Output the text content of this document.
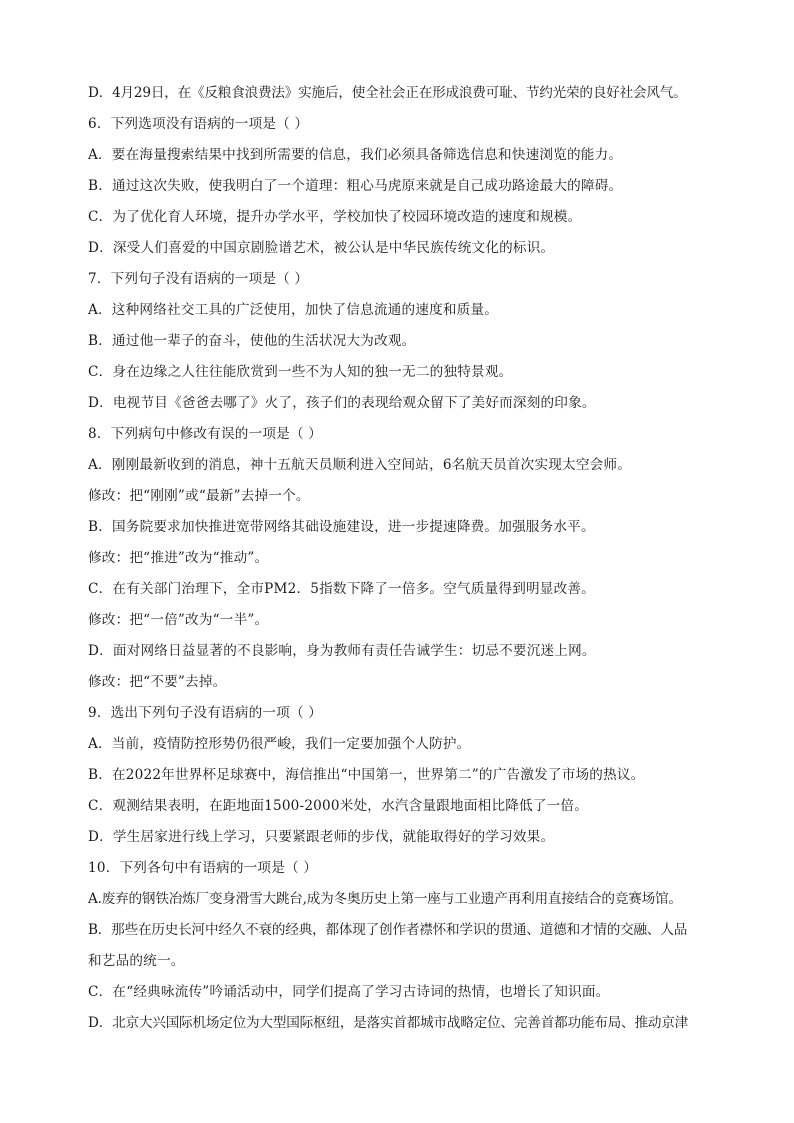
D．4月29日，在《反粮食浪费法》实施后，使全社会正在形成浪费可耻、节约光荣的良好社会风气。
6．下列选项没有语病的一项是（ ）
A．要在海量搜索结果中找到所需要的信息，我们必须具备筛选信息和快速浏览的能力。
B．通过这次失败，使我明白了一个道理：粗心马虎原来就是自己成功路途最大的障碍。
C．为了优化育人环境，提升办学水平，学校加快了校园环境改造的速度和规模。
D．深受人们喜爱的中国京剧脸谱艺术，被公认是中华民族传统文化的标识。
7．下列句子没有语病的一项是（ ）
A．这种网络社交工具的广泛使用，加快了信息流通的速度和质量。
B．通过他一辈子的奋斗，使他的生活状况大为改观。
C．身在边缘之人往往能欣赏到一些不为人知的独一无二的独特景观。
D．电视节目《爸爸去哪了》火了，孩子们的表现给观众留下了美好而深刻的印象。
8．下列病句中修改有误的一项是（ ）
A．刚刚最新收到的消息，神十五航天员顺利进入空间站，6名航天员首次实现太空会师。
修改：把“刚刚”或“最新”去掉一个。
B．国务院要求加快推进宽带网络其础设施建设，进一步提速降费。加强服务水平。
修改：把“推进”改为“推动”。
C．在有关部门治理下，全市PM2．5指数下降了一倍多。空气质量得到明显改善。
修改：把“一倍”改为“一半”。
D．面对网络日益显著的不良影响，身为教师有责任告诫学生：切忌不要沉迷上网。
修改：把“不要”去掉。
9．选出下列句子没有语病的一项（ ）
A．当前，疫情防控形势仍很严峻，我们一定要加强个人防护。
B．在2022年世界杯足球赛中，海信推出“中国第一，世界第二”的广告激发了市场的热议。
C．观测结果表明，在距地面1500-2000米处，水汽含量跟地面相比降低了一倍。
D．学生居家进行线上学习，只要紧跟老师的步伐，就能取得好的学习效果。
10．下列各句中有语病的一项是（ ）
A.废弃的钢铁冶炼厂变身滑雪大跳台,成为冬奥历史上第一座与工业遗产再利用直接结合的竞赛场馆。
B．那些在历史长河中经久不衰的经典，都体现了创作者襟怀和学识的贯通、道德和才情的交融、人品
和艺品的统一。
C．在“经典咏流传”吟诵活动中，同学们提高了学习古诗词的热情，也增长了知识面。
D．北京大兴国际机场定位为大型国际枢纽，是落实首都城市战略定位、完善首都功能布局、推动京津
